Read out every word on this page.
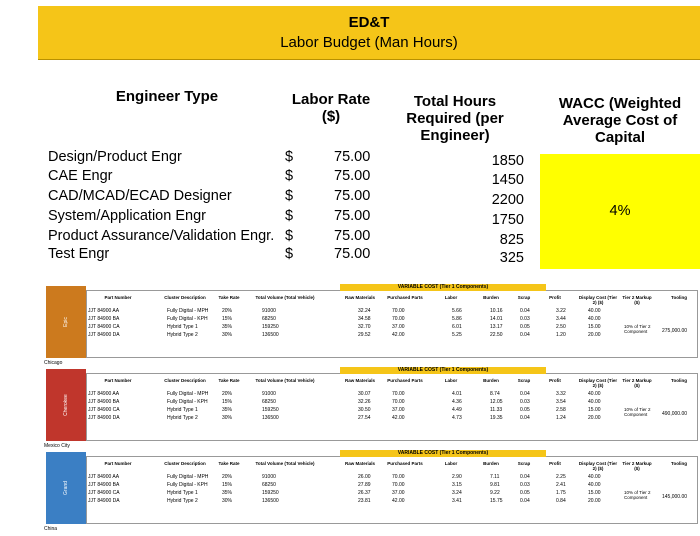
ED&T
Labor Budget (Man Hours)
Engineer Type	Labor Rate ($)
Total Hours Required (per Engineer)
WACC (Weighted Average Cost of Capital
Design/Product Engr	$	75.00	1850
CAE Engr	$	75.00	1450
CAD/MCAD/ECAD Designer	$	75.00	2200
System/Application Engr	$	75.00	1750
Product Assurance/Validation Engr. $	75.00	825
Test Engr	$	75.00	325
4%
Epic
Chicago
VARIABLE COST (Tier 1 Components)
Part Number	Cluster Description	Take Rate	Total Volume (Total Vehicle)	Raw Materials	Purchased Parts	Labor	Burden	Scrap	Profit	Display Cost (Tier 2) ($)
Tier 2 Markup ($)
Tooling
JJT 84900 AA	Fully Digital - MPH	20%	91000	32.24	70.00	5.66	10.16	0.04	3.22	40.00
JJT 84900 BA	Fully Digital - KPH	15%	68250	34.58	70.00	5.86	14.01	0.03	3.44	40.00
JJT 84900 CA	Hybrid Type 1	35%	159250	32.70	37.00	6.01	13.17	0.05	2.50	15.00
JJT 84900 DA	Hybrid Type 2	30%	136500	29.52	42.00	5.25	22.50	0.04	1.20	20.00
10% of Tier 2 Component	275,000.00
Cherokee
Mexico City
VARIABLE COST (Tier 1 Components)
Part Number	Cluster Description	Take Rate	Total Volume (Total Vehicle)	Raw Materials	Purchased Parts	Labor	Burden	Scrap	Profit	Display Cost (Tier 2) ($)
Tier 2 Markup ($)
Tooling
JJT 84900 AA	Fully Digital - MPH	20%	91000	30.07	70.00	4.01	8.74	0.04	3.32	40.00
JJT 84900 BA	Fully Digital - KPH	15%	68250	32.26	70.00	4.36	12.05	0.03	3.54	40.00
JJT 84900 CA	Hybrid Type 1	35%	159250	30.50	37.00	4.49	11.33	0.05	2.58	15.00
JJT 84900 DA	Hybrid Type 2	30%	136500	27.54	42.00	4.73	19.35	0.04	1.24	20.00
10% of Tier 2 Component	490,000.00
Grand
China
VARIABLE COST (Tier 1 Components)
Part Number	Cluster Description	Take Rate	Total Volume (Total Vehicle)	Raw Materials	Purchased Parts	Labor	Burden	Scrap	Profit	Display Cost (Tier 2) ($)
Tier 2 Markup ($)
Tooling
JJT 84900 AA	Fully Digital - MPH	20%	91000	26.00	70.00	2.90	7.11	0.04	2.25	40.00
JJT 84900 BA	Fully Digital - KPH	15%	68250	27.89	70.00	3.15	9.81	0.03	2.41	40.00
JJT 84900 CA	Hybrid Type 1	35%	159250	26.37	37.00	3.24	9.22	0.05	1.75	15.00
JJT 84900 DA	Hybrid Type 2	30%	136500	23.81	42.00	3.41	15.75	0.04	0.84	20.00
10% of Tier 2 Component	145,000.00
